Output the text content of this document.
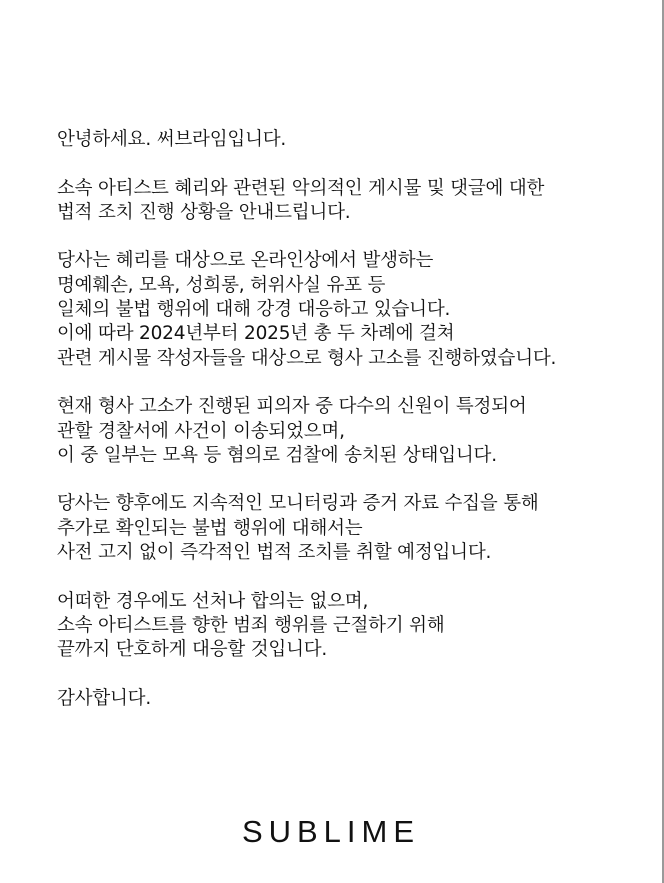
안녕하세요. 써브라임입니다.

소속 아티스트 혜리와 관련된 악의적인 게시물 및 댓글에 대한
법적 조치 진행 상황을 안내드립니다.

당사는 혜리를 대상으로 온라인상에서 발생하는
명예훼손, 모욕, 성희롱, 허위사실 유포 등
일체의 불법 행위에 대해 강경 대응하고 있습니다.
이에 따라 2024년부터 2025년 총 두 차례에 걸쳐
관련 게시물 작성자들을 대상으로 형사 고소를 진행하였습니다.

현재 형사 고소가 진행된 피의자 중 다수의 신원이 특정되어
관할 경찰서에 사건이 이송되었으며,
이 중 일부는 모욕 등 혐의로 검찰에 송치된 상태입니다.

당사는 향후에도 지속적인 모니터링과 증거 자료 수집을 통해
추가로 확인되는 불법 행위에 대해서는
사전 고지 없이 즉각적인 법적 조치를 취할 예정입니다.

어떠한 경우에도 선처나 합의는 없으며,
소속 아티스트를 향한 범죄 행위를 근절하기 위해
끝까지 단호하게 대응할 것입니다.

감사합니다.

SUBLIME
